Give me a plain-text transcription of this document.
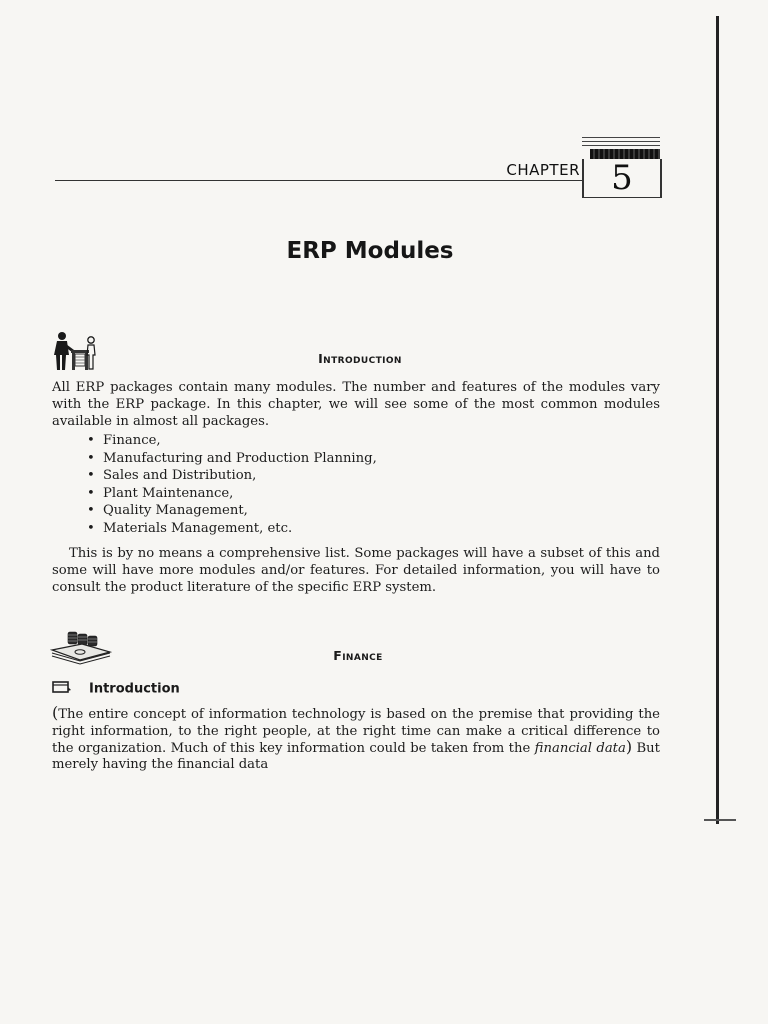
CHAPTER 5
ERP Modules
Introduction
All ERP packages contain many modules. The number and features of the modules vary with the ERP package. In this chapter, we will see some of the most common modules available in almost all packages.
• Finance,
• Manufacturing and Production Planning,
• Sales and Distribution,
• Plant Maintenance,
• Quality Management,
• Materials Management, etc.
This is by no means a comprehensive list. Some packages will have a subset of this and some will have more modules and/or features. For detailed information, you will have to consult the product literature of the specific ERP system.
Finance
Introduction
(The entire concept of information technology is based on the premise that providing the right information, to the right people, at the right time can make a critical difference to the organization. Much of this key information could be taken from the financial data) But merely having the financial data
